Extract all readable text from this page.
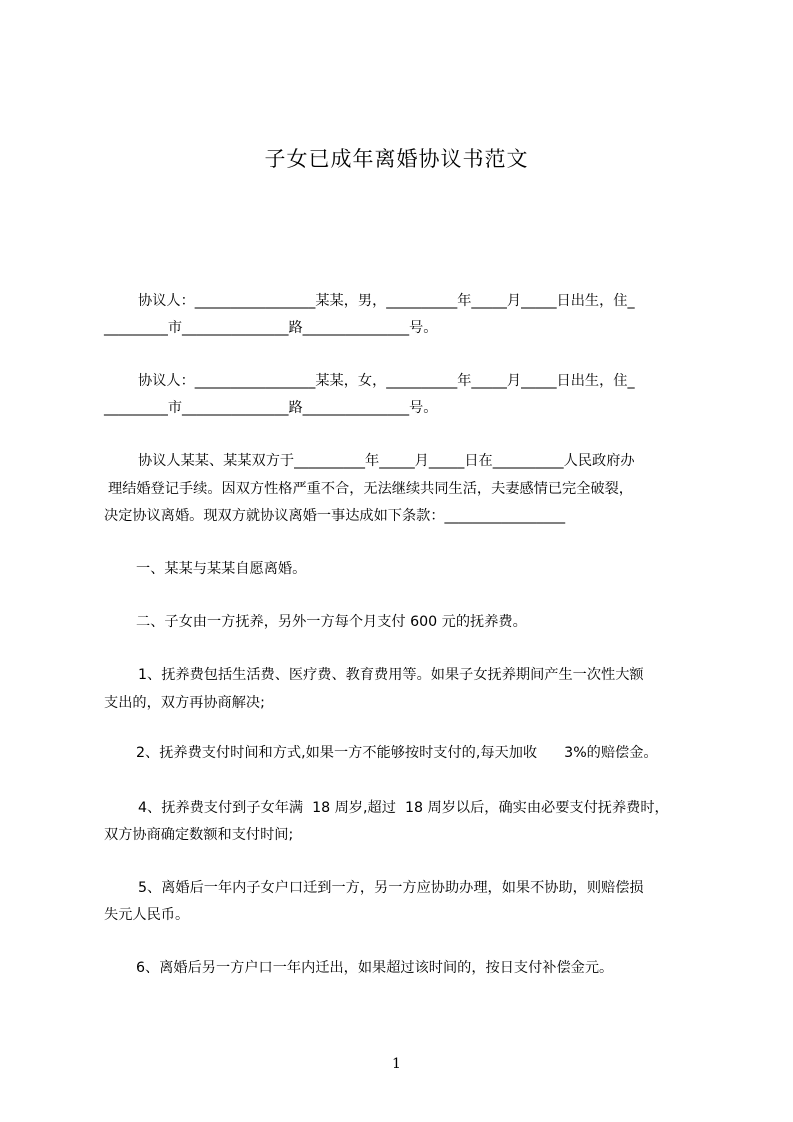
子女已成年离婚协议书范文
协议人：_________________某某，男，__________年_____月_____日出生，住_
_________市_______________路_______________号。
协议人：_________________某某，女，__________年_____月_____日出生，住_
_________市_______________路_______________号。
协议人某某、某某双方于__________年_____月_____日在__________人民政府办
理结婚登记手续。因双方性格严重不合，无法继续共同生活，夫妻感情已完全破裂，
决定协议离婚。现双方就协议离婚一事达成如下条款：_________________
一、某某与某某自愿离婚。
二、子女由一方抚养，另外一方每个月支付 600 元的抚养费。
1、抚养费包括生活费、医疗费、教育费用等。如果子女抚养期间产生一次性大额
支出的，双方再协商解决;
2、抚养费支付时间和方式,如果一方不能够按时支付的,每天加收      3%的赔偿金。
4、抚养费支付到子女年满  18 周岁,超过  18 周岁以后，确实由必要支付抚养费时，
双方协商确定数额和支付时间;
5、离婚后一年内子女户口迁到一方，另一方应协助办理，如果不协助，则赔偿损
失元人民币。
6、离婚后另一方户口一年内迁出，如果超过该时间的，按日支付补偿金元。
1
